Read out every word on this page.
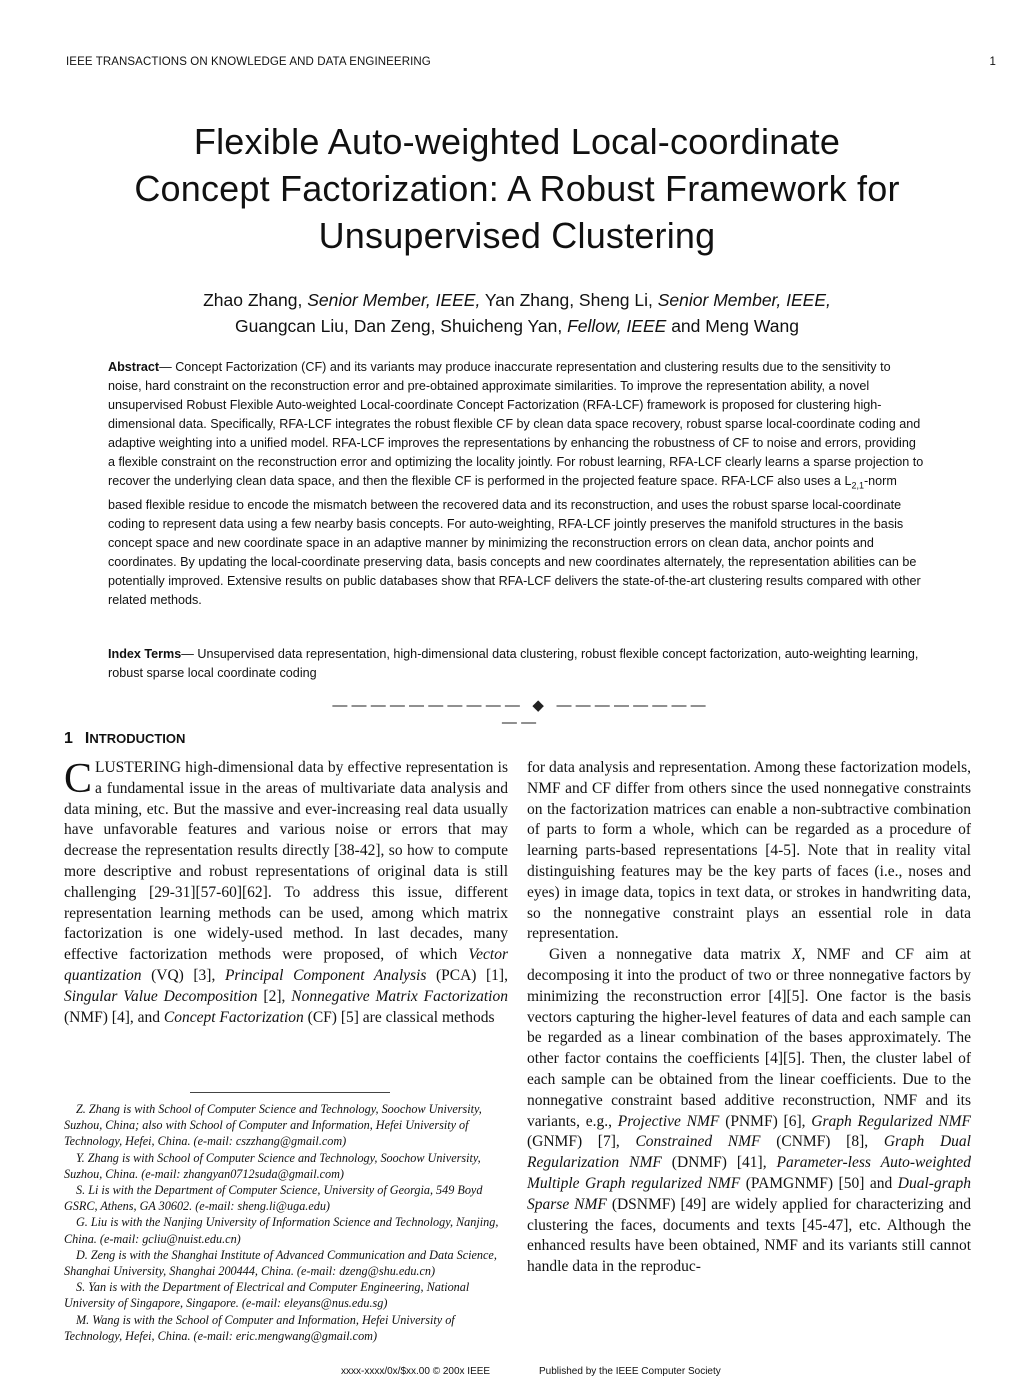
IEEE TRANSACTIONS ON KNOWLEDGE AND DATA ENGINEERING	1
Flexible Auto-weighted Local-coordinate
Concept Factorization: A Robust Framework for
Unsupervised Clustering
Zhao Zhang, Senior Member, IEEE, Yan Zhang, Sheng Li, Senior Member, IEEE,
Guangcan Liu, Dan Zeng, Shuicheng Yan, Fellow, IEEE and Meng Wang

Abstract— Concept Factorization (CF) and its variants may produce inaccurate representation and clustering results due to the sensitivity to noise, hard constraint on the reconstruction error and pre-obtained approximate similarities. To improve the representation ability, a novel unsupervised Robust Flexible Auto-weighted Local-coordinate Concept Factorization (RFA-LCF) framework is proposed for clustering high-dimensional data. Specifically, RFA-LCF integrates the robust flexible CF by clean data space recovery, robust sparse local-coordinate coding and adaptive weighting into a unified model. RFA-LCF improves the representations by enhancing the robustness of CF to noise and errors, providing a flexible constraint on the reconstruction error and optimizing the locality jointly. For robust learning, RFA-LCF clearly learns a sparse projection to recover the underlying clean data space, and then the flexible CF is performed in the projected feature space. RFA-LCF also uses a $L_{2,1}$-norm based flexible residue to encode the mismatch between the recovered data and its reconstruction, and uses the robust sparse local-coordinate coding to represent data using a few nearby basis concepts. For auto-weighting, RFA-LCF jointly preserves the manifold structures in the basis concept space and new coordinate space in an adaptive manner by minimizing the reconstruction errors on clean data, anchor points and coordinates. By updating the local-coordinate preserving data, basis concepts and new coordinates alternately, the representation abilities can be potentially improved. Extensive results on public databases show that RFA-LCF delivers the state-of-the-art clustering results compared with other related methods.

Index Terms— Unsupervised data representation, high-dimensional data clustering, robust flexible concept factorization, auto-weighting learning, robust sparse local coordinate coding

— — — — — — — — — — ◆ — — — — — — — — — —
1 INTRODUCTION

CLUSTERING high-dimensional data by effective representation is a fundamental issue in the areas of multivariate data analysis and data mining, etc. But the massive and ever-increasing real data usually have unfavorable features and various noise or errors that may decrease the representation results directly [38-42], so how to compute more descriptive and robust representations of original data is still challenging [29-31][57-60][62]. To address this issue, different representation learning methods can be used, among which matrix factorization is one widely-used method. In last decades, many effective factorization methods were proposed, of which Vector quantization (VQ) [3], Principal Component Analysis (PCA) [1], Singular Value Decomposition [2], Nonnegative Matrix Factorization (NMF) [4], and Concept Factorization (CF) [5] are classical methods

for data analysis and representation. Among these factorization models, NMF and CF differ from others since the used nonnegative constraints on the factorization matrices can enable a non-subtractive combination of parts to form a whole, which can be regarded as a procedure of learning parts-based representations [4-5]. Note that in reality vital distinguishing features may be the key parts of faces (i.e., noses and eyes) in image data, topics in text data, or strokes in handwriting data, so the nonnegative constraint plays an essential role in data representation.

Given a nonnegative data matrix X, NMF and CF aim at decomposing it into the product of two or three nonnegative factors by minimizing the reconstruction error [4][5]. One factor is the basis vectors capturing the higher-level features of data and each sample can be regarded as a linear combination of the bases approximately. The other factor contains the coefficients [4][5]. Then, the cluster label of each sample can be obtained from the linear coefficients. Due to the nonnegative constraint based additive reconstruction, NMF and its variants, e.g., Projective NMF (PNMF) [6], Graph Regularized NMF (GNMF) [7], Constrained NMF (CNMF) [8], Graph Dual Regularization NMF (DNMF) [41], Parameter-less Auto-weighted Multiple Graph regularized NMF (PAMGNMF) [50] and Dual-graph Sparse NMF (DSNMF) [49] are widely applied for characterizing and clustering the faces, documents and texts [45-47], etc. Although the enhanced results have been obtained, NMF and its variants still cannot handle data in the reproduc-

Z. Zhang is with School of Computer Science and Technology, Soochow University, Suzhou, China; also with School of Computer and Information, Hefei University of Technology, Hefei, China. (e-mail: cszzhang@gmail.com)

Y. Zhang is with School of Computer Science and Technology, Soochow University, Suzhou, China. (e-mail: zhangyan0712suda@gmail.com)

S. Li is with the Department of Computer Science, University of Georgia, 549 Boyd GSRC, Athens, GA 30602. (e-mail: sheng.li@uga.edu)

G. Liu is with the Nanjing University of Information Science and Technology, Nanjing, China. (e-mail: gcliu@nuist.edu.cn)

D. Zeng is with the Shanghai Institute of Advanced Communication and Data Science, Shanghai University, Shanghai 200444, China. (e-mail: dzeng@shu.edu.cn)

S. Yan is with the Department of Electrical and Computer Engineering, National University of Singapore, Singapore. (e-mail: eleyans@nus.edu.sg)

M. Wang is with the School of Computer and Information, Hefei University of Technology, Hefei, China. (e-mail: eric.mengwang@gmail.com)

xxxx-xxxx/0x/$xx.00 © 200x IEEE	Published by the IEEE Computer Society
